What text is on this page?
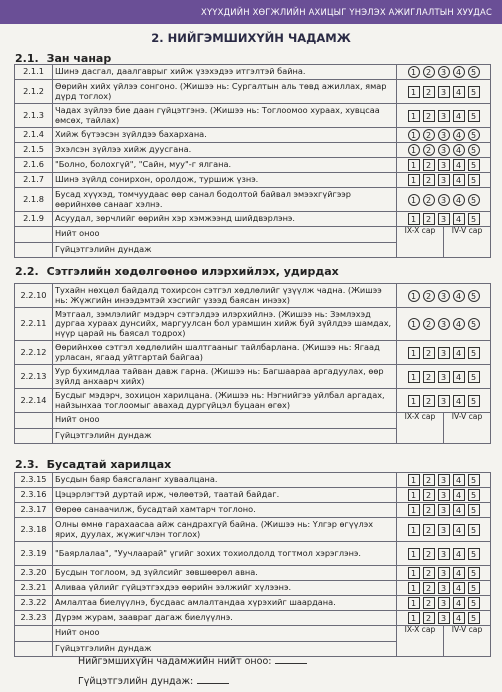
ХҮҮХДИЙН ХӨГЖЛИЙН АХИЦЫГ ҮНЭЛЭХ АЖИГЛАЛТЫН ХУУДАС
2. НИЙГЭМШИХҮЙН ЧАДАМЖ
2.1. Зан чанар
2.1.1	Шинэ дасгал, даалгаврыг хийж үзэхэдээ итгэлтэй байна.	1 2 3 4 5
2.1.2	Өөрийн хийх үйлээ сонгоно. (Жишээ нь: Сургалтын аль төвд ажиллах, ямар дүрд тоглох)	1 2 3 4 5
2.1.3	Чадах зүйлээ бие даан гүйцэтгэнэ. (Жишээ нь: Тоглоомоо хураах, хувцсаа өмсөх, тайлах)	1 2 3 4 5
2.1.4	Хийж бүтээсэн зүйлдээ бахархана.	1 2 3 4 5
2.1.5	Эхэлсэн зүйлээ хийж дуусгана.	1 2 3 4 5
2.1.6	"Болно, болохгүй", "Сайн, муу"-г ялгана.	1 2 3 4 5
2.1.7	Шинэ зүйлд сонирхон, оролдож, туршиж үзнэ.	1 2 3 4 5
2.1.8	Бусад хүүхэд, томчуудаас өөр санал бодолтой байвал эмээхгүйгээр өөрийнхөө санааг хэлнэ.	1 2 3 4 5
2.1.9	Асуудал, зөрчлийг өөрийн хэр хэмжээнд шийдвэрлэнэ.	1 2 3 4 5
	Нийт оноо	IX-X сар IV-V сар

	Гүйцэтгэлийн дундаж	
2.2. Сэтгэлийн хөдөлгөөнөө илэрхийлэх, удирдах
2.2.10	Тухайн нөхцөл байдалд тохирсон сэтгэл хөдлөлийг үзүүлж чадна. (Жишээ нь: Жүжгийн инээдэмтэй хэсгийг үзээд баясан инээх)	1 2 3 4 5
2.2.11	Мэтгаал, зэмлэлийг мэдэрч сэтгэлдээ илэрхийлнэ. (Жишээ нь: Зэмлэхэд дургаа хураах дунсийх, маргуулсан бол урамшин хийж буй зүйлдээ шамдах, нүүр царай нь баясал тодрох)	1 2 3 4 5
2.2.12	Өөрийнхөө сэтгэл хөдлөлийн шалтгааныг тайлбарлана. (Жишээ нь: Ягаад урласан, ягаад уйтгартай байгаа)	1 2 3 4 5
2.2.13	Уур бухимдлаа тайван давж гарна. (Жишээ нь: Багшаараа аргадуулах, өөр зүйлд анхаарч хийх)	1 2 3 4 5
2.2.14	Бусдыг мэдэрч, зохицон харилцана. (Жишээ нь: Нэгнийгээ уйлбал аргадах, найзынхаа тоглоомыг авахад дургүйцэл буцаан өгөх)	1 2 3 4 5
	Нийт оноо	IX-X сар IV-V сар

	Гүйцэтгэлийн дундаж	
2.3. Бусадтай харилцах
2.3.15	Бусдын баяр баясгаланг хуваалцана.	1 2 3 4 5
2.3.16	Цэцэрлэгтэй дуртай ирж, чөлөөтэй, таатай байдаг.	1 2 3 4 5
2.3.17	Өөрөө санаачилж, бусадтай хамтарч тоглоно.	1 2 3 4 5
2.3.18	Олны өмнө гарахаасаа айж сандрахгүй байна. (Жишээ нь: Үлгэр өгүүлэх ярих, дуулах, жүжигчлэн тоглох)	1 2 3 4 5
2.3.19	"Баярлалаа", "Уучлаарай" үгийг зохих тохиолдолд тогтмол хэрэглэнэ.	1 2 3 4 5
2.3.20	Бусдын тоглоом, эд зүйлсийг зөвшөөрөл авна.	1 2 3 4 5
2.3.21	Аливаа үйлийг гүйцэтгэхдээ өөрийн ээлжийг хүлээнэ.	1 2 3 4 5
2.3.22	Амлалтаа биелүүлнэ, бусдаас амлалтандаа хүрэхийг шаардана.	1 2 3 4 5
2.3.23	Дүрэм журам, заавраг дагаж биелүүлнэ.	1 2 3 4 5
	Нийт оноо	IX-X сар IV-V сар

	Гүйцэтгэлийн дундаж	
Нийгэмшихүйн чадамжийн нийт оноо:
Гүйцэтгэлийн дундаж:
